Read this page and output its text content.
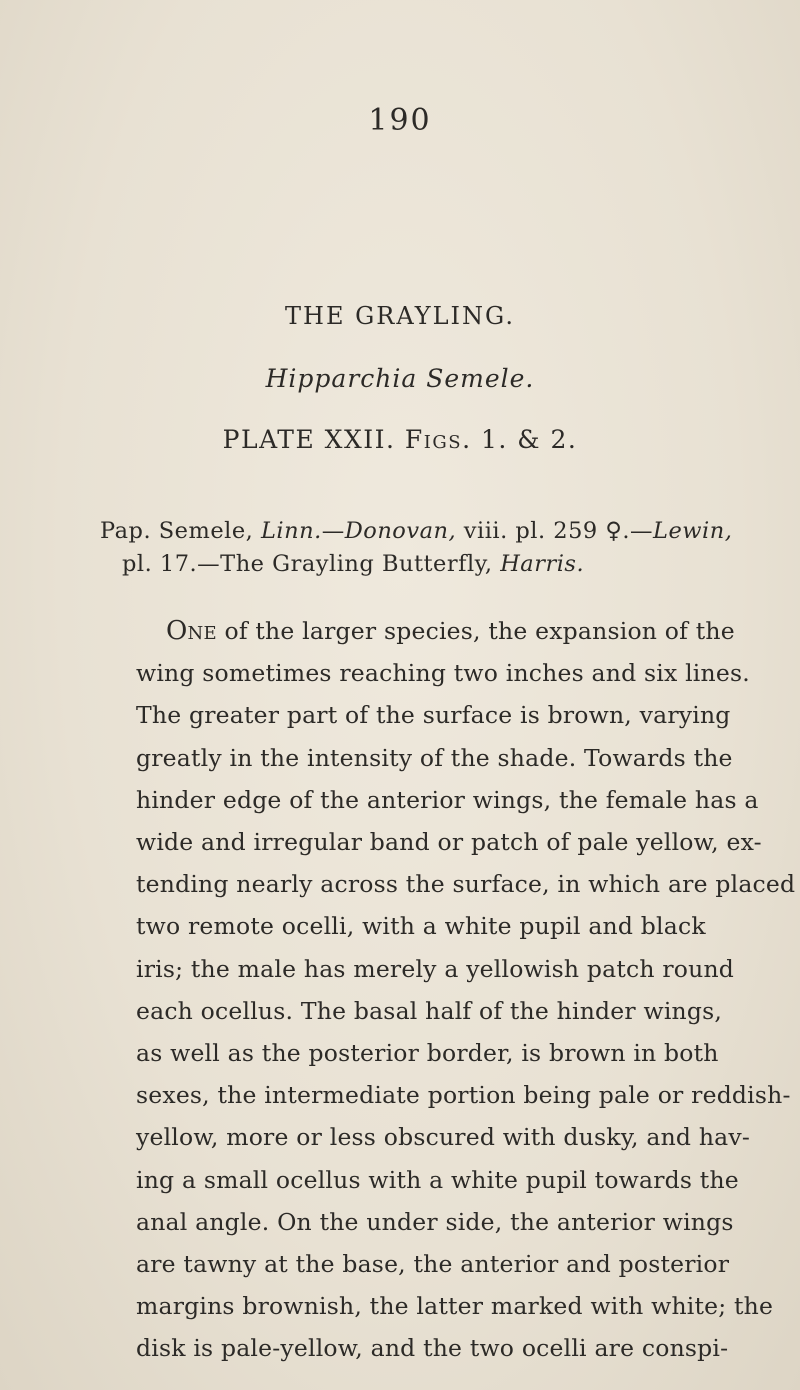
190
THE GRAYLING.
Hipparchia Semele.
PLATE XXII. Figs. 1. & 2.
Pap. Semele, Linn.—Donovan, viii. pl. 259 ♀.—Lewin,
pl. 17.—The Grayling Butterfly, Harris.
One of the larger species, the expansion of the
wing sometimes reaching two inches and six lines.
The greater part of the surface is brown, varying
greatly in the intensity of the shade. Towards the
hinder edge of the anterior wings, the female has a
wide and irregular band or patch of pale yellow, ex-
tending nearly across the surface, in which are placed
two remote ocelli, with a white pupil and black
iris; the male has merely a yellowish patch round
each ocellus. The basal half of the hinder wings,
as well as the posterior border, is brown in both
sexes, the intermediate portion being pale or reddish-
yellow, more or less obscured with dusky, and hav-
ing a small ocellus with a white pupil towards the
anal angle. On the under side, the anterior wings
are tawny at the base, the anterior and posterior
margins brownish, the latter marked with white; the
disk is pale-yellow, and the two ocelli are conspi-
